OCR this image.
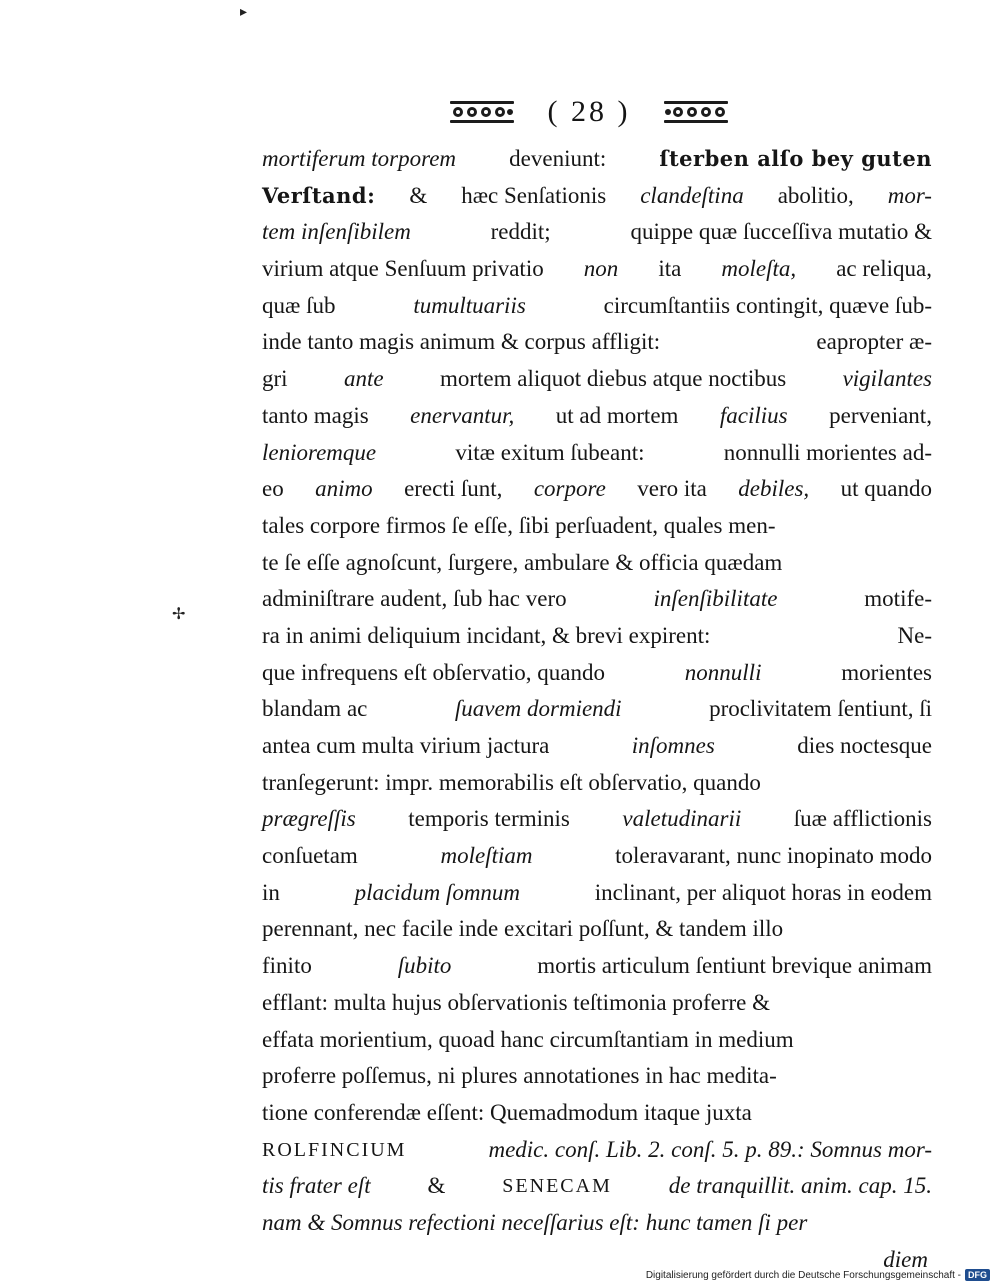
▸
✢
( 28 )
mortiferum torporem deveniunt:	ſterben alſo bey guten
Verſtand: & hæc Senſationis clandeſtina abolitio, mor-
tem inſenſibilem	reddit;	quippe quæ ſucceſſiva mutatio &
virium atque Senſuum privatio non ita moleſta, ac reliqua,
quæ ſub	tumultuariis	circumſtantiis contingit, quæve ſub-
inde tanto magis animum & corpus affligit:	eapropter æ-
gri ante mortem aliquot diebus atque noctibus vigilantes
tanto magis enervantur, ut ad mortem facilius perveniant,
lenioremque	vitæ exitum ſubeant:	nonnulli morientes ad-
eo animo erecti ſunt, corpore vero ita debiles, ut quando
tales corpore firmos ſe eſſe, ſibi perſuadent, quales men-
te ſe eſſe agnoſcunt, ſurgere, ambulare & officia quædam
adminiſtrare audent, ſub hac vero	inſenſibilitate	motife-
ra in animi deliquium incidant, & brevi expirent:	Ne-
que infrequens eſt obſervatio, quando	nonnulli	morientes
blandam ac	ſuavem dormiendi	proclivitatem ſentiunt, ſi
antea cum multa virium jactura	inſomnes	dies noctesque
tranſegerunt: impr. memorabilis eſt obſervatio, quando
prægreſſis temporis terminis valetudinarii ſuæ afflictionis
conſuetam	moleſtiam	toleravarant, nunc inopinato modo
in	placidum ſomnum	inclinant, per aliquot horas in eodem
perennant, nec facile inde excitari poſſunt, & tandem illo
finito	ſubito	mortis articulum ſentiunt brevique animam
efflant: multa hujus obſervationis teſtimonia proferre &
effata morientium, quoad hanc circumſtantiam in medium
proferre poſſemus, ni plures annotationes in hac medita-
tione conferendæ eſſent: Quemadmodum itaque juxta
ROLFINCIUM	medic. conſ. Lib. 2. conſ. 5. p. 89.: Somnus mor-
tis frater eſt &	SENECAM de tranquillit. anim. cap. 15.
nam & Somnus refectioni neceſſarius eſt: hunc tamen ſi per
diem
Digitalisierung gefördert durch die Deutsche Forschungsgemeinschaft - DFG
